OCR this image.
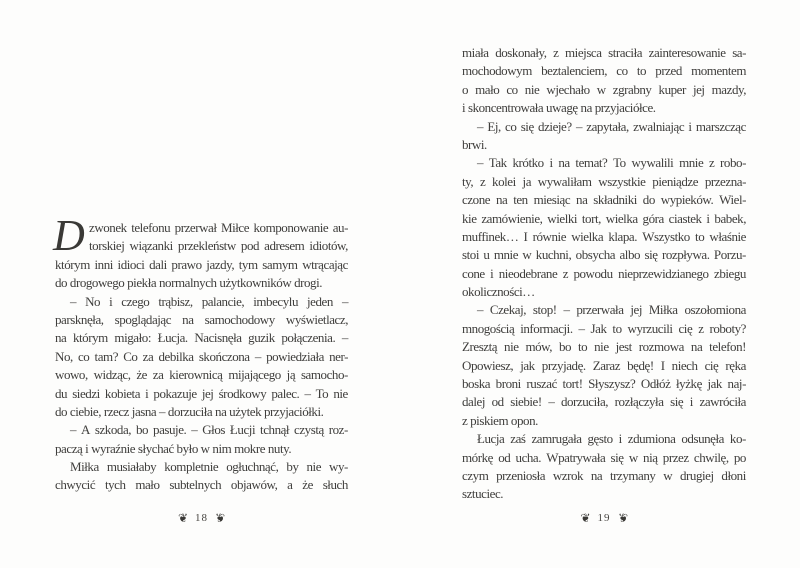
D zwonek telefonu przerwał Miłce komponowanie au-
torskiej wiązanki przekleństw pod adresem idiotów,
którym inni idioci dali prawo jazdy, tym samym wtrącając
do drogowego piekła normalnych użytkowników drogi.
– No i czego trąbisz, palancie, imbecylu jeden –
parsknęła, spoglądając na samochodowy wyświetlacz,
na którym migało: Łucja. Nacisnęła guzik połączenia. –
No, co tam? Co za debilka skończona – powiedziała ner-
wowo, widząc, że za kierownicą mijającego ją samocho-
du siedzi kobieta i pokazuje jej środkowy palec. – To nie
do ciebie, rzecz jasna – dorzuciła na użytek przyjaciółki.
– A szkoda, bo pasuje. – Głos Łucji tchnął czystą roz-
paczą i wyraźnie słychać było w nim mokre nuty.
Miłka musiałaby kompletnie ogłuchnąć, by nie wy-
chwycić tych mało subtelnych objawów, a że słuch
miała doskonały, z miejsca straciła zainteresowanie sa-
mochodowym beztalenciem, co to przed momentem
o mało co nie wjechało w zgrabny kuper jej mazdy,
i skoncentrowała uwagę na przyjaciółce.
– Ej, co się dzieje? – zapytała, zwalniając i marszcząc
brwi.
– Tak krótko i na temat? To wywalili mnie z robo-
ty, z kolei ja wywaliłam wszystkie pieniądze przezna-
czone na ten miesiąc na składniki do wypieków. Wiel-
kie zamówienie, wielki tort, wielka góra ciastek i babek,
muffinek… I równie wielka klapa. Wszystko to właśnie
stoi u mnie w kuchni, obsycha albo się rozpływa. Porzu-
cone i nieodebrane z powodu nieprzewidzianego zbiegu
okoliczności…
– Czekaj, stop! – przerwała jej Miłka oszołomiona
mnogością informacji. – Jak to wyrzucili cię z roboty?
Zresztą nie mów, bo to nie jest rozmowa na telefon!
Opowiesz, jak przyjadę. Zaraz będę! I niech cię ręka
boska broni ruszać tort! Słyszysz? Odłóż łyżkę jak naj-
dalej od siebie! – dorzuciła, rozłączyła się i zawróciła
z piskiem opon.
Łucja zaś zamrugała gęsto i zdumiona odsunęła ko-
mórkę od ucha. Wpatrywała się w nią przez chwilę, po
czym przeniosła wzrok na trzymany w drugiej dłoni
sztuciec.
❦ 18 ❦	❦ 19 ❦
